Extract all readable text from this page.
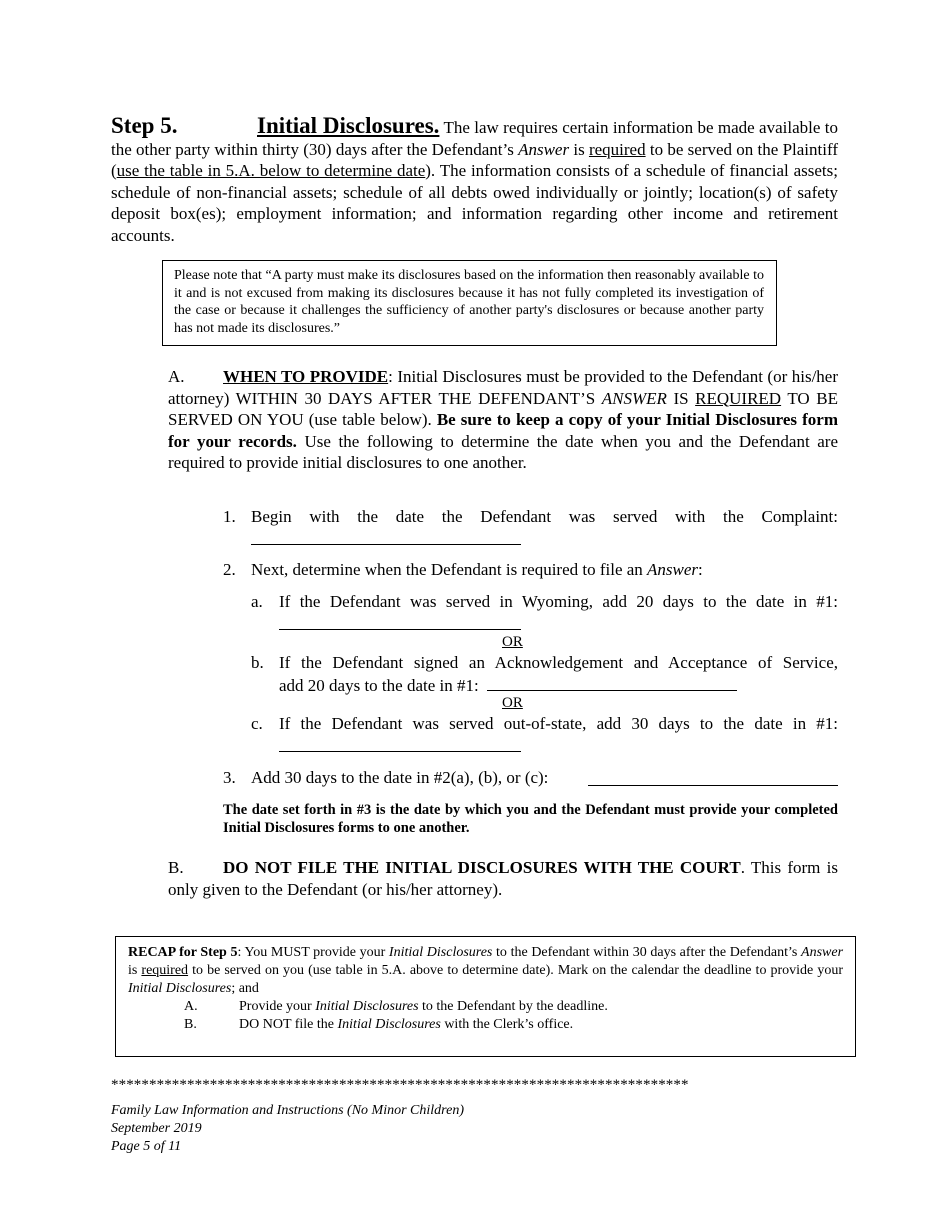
Step 5.	Initial Disclosures. The law requires certain information be made available to the other party within thirty (30) days after the Defendant’s Answer is required to be served on the Plaintiff (use the table in 5.A. below to determine date). The information consists of a schedule of financial assets; schedule of non-financial assets; schedule of all debts owed individually or jointly; location(s) of safety deposit box(es); employment information; and information regarding other income and retirement accounts.
Please note that “A party must make its disclosures based on the information then reasonably available to it and is not excused from making its disclosures because it has not fully completed its investigation of the case or because it challenges the sufficiency of another party's disclosures or because another party has not made its disclosures.”
A. WHEN TO PROVIDE: Initial Disclosures must be provided to the Defendant (or his/her attorney) WITHIN 30 DAYS AFTER THE DEFENDANT’S ANSWER IS REQUIRED TO BE SERVED ON YOU (use table below). Be sure to keep a copy of your Initial Disclosures form for your records. Use the following to determine the date when you and the Defendant are required to provide initial disclosures to one another.
1. Begin with the date the Defendant was served with the Complaint:
2. Next, determine when the Defendant is required to file an Answer:
a. If the Defendant was served in Wyoming, add 20 days to the date in #1:
OR
b. If the Defendant signed an Acknowledgement and Acceptance of Service,
add 20 days to the date in #1:
OR
c. If the Defendant was served out-of-state, add 30 days to the date in #1:
3. Add 30 days to the date in #2(a), (b), or (c):
The date set forth in #3 is the date by which you and the Defendant must provide your completed Initial Disclosures forms to one another.
B. DO NOT FILE THE INITIAL DISCLOSURES WITH THE COURT. This form is only given to the Defendant (or his/her attorney).
RECAP for Step 5: You MUST provide your Initial Disclosures to the Defendant within 30 days after the Defendant’s Answer is required to be served on you (use table in 5.A. above to determine date). Mark on the calendar the deadline to provide your Initial Disclosures; and
A.	Provide your Initial Disclosures to the Defendant by the deadline.
B.	DO NOT file the Initial Disclosures with the Clerk’s office.
****************************************************************************
Family Law Information and Instructions (No Minor Children)
September 2019
Page 5 of 11
